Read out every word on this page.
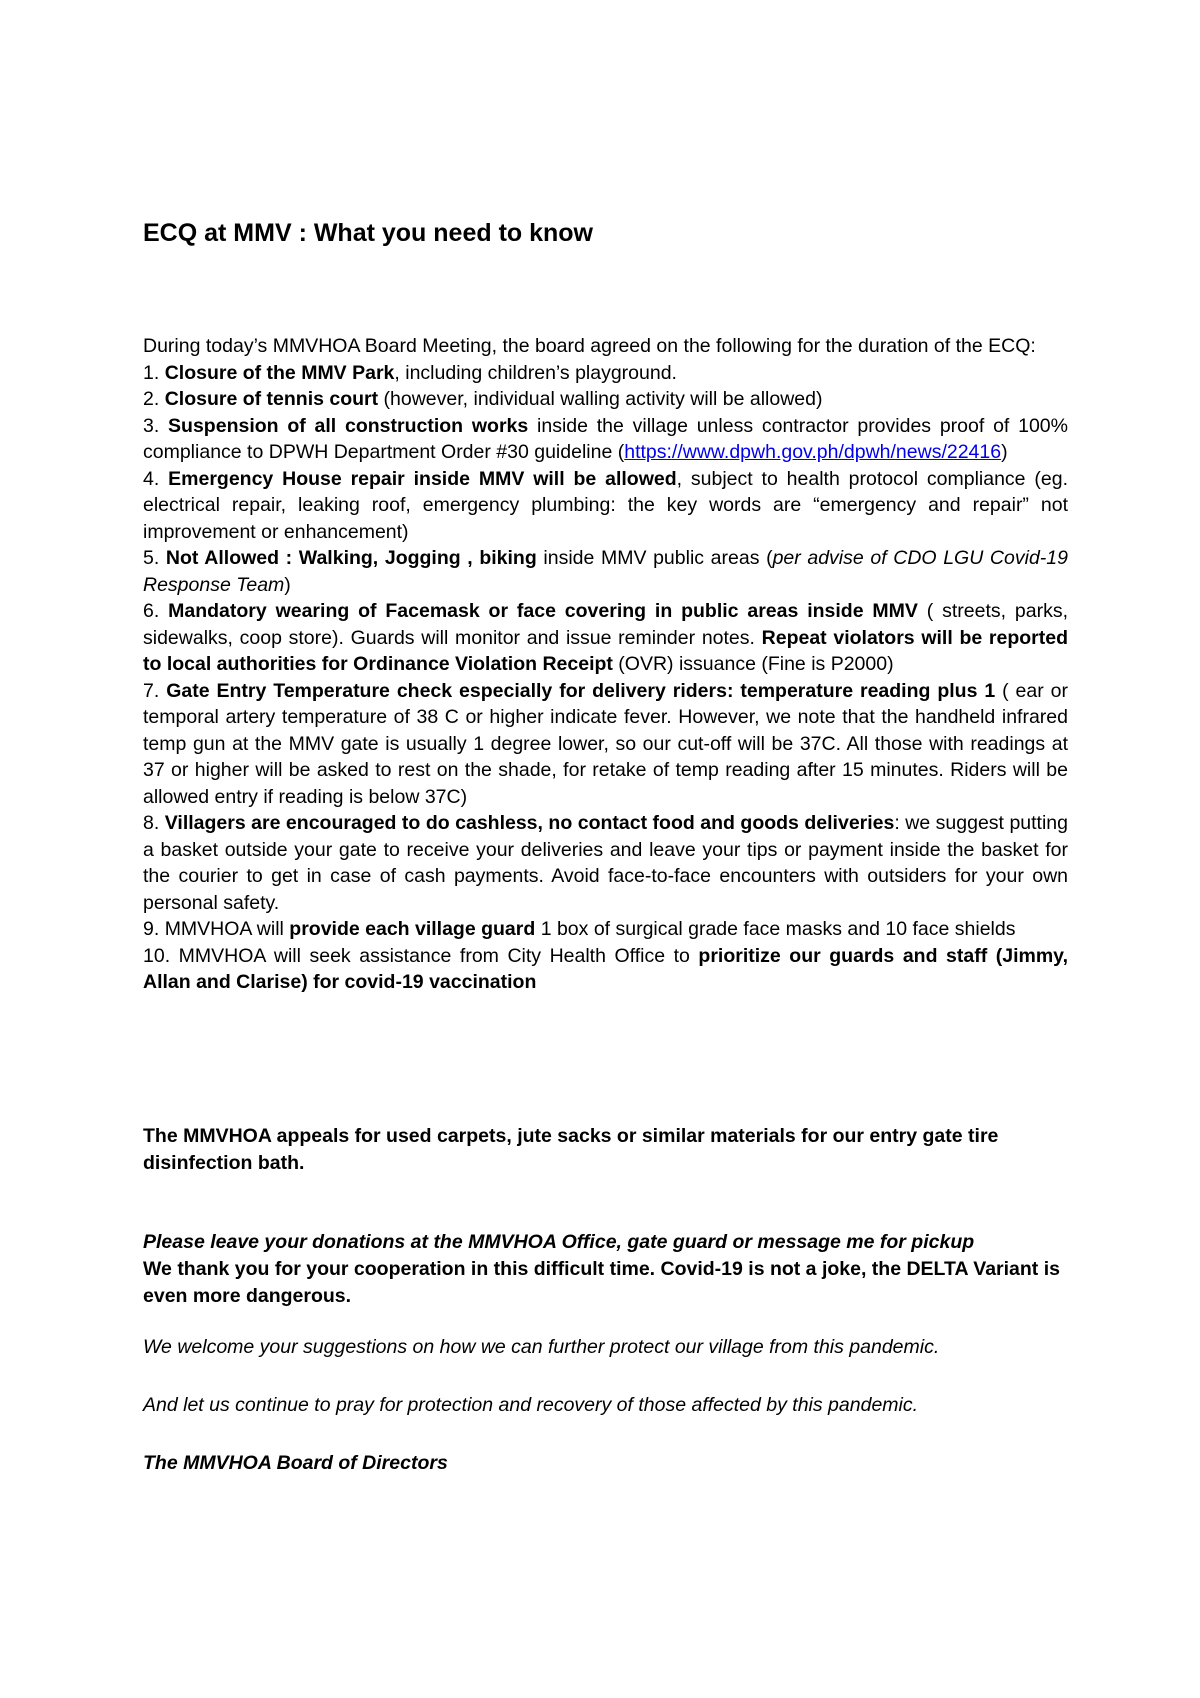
ECQ at MMV : What you need to know

During today’s MMVHOA Board Meeting, the board agreed on the following for the duration of the ECQ:

1. Closure of the MMV Park, including children’s playground.

2. Closure of tennis court (however, individual walling activity will be allowed)

3. Suspension of all construction works inside the village unless contractor provides proof of 100% compliance to DPWH Department Order #30 guideline (https://www.dpwh.gov.ph/dpwh/news/22416)

4. Emergency House repair inside MMV will be allowed, subject to health protocol compliance (eg. electrical repair, leaking roof, emergency plumbing: the key words are “emergency and repair” not improvement or enhancement)

5. Not Allowed : Walking, Jogging , biking inside MMV public areas (per advise of CDO LGU Covid-19 Response Team)

6. Mandatory wearing of Facemask or face covering in public areas inside MMV ( streets, parks, sidewalks, coop store). Guards will monitor and issue reminder notes. Repeat violators will be reported to local authorities for Ordinance Violation Receipt (OVR) issuance (Fine is P2000)

7. Gate Entry Temperature check especially for delivery riders: temperature reading plus 1 ( ear or temporal artery temperature of 38 C or higher indicate fever. However, we note that the handheld infrared temp gun at the MMV gate is usually 1 degree lower, so our cut-off will be 37C. All those with readings at 37 or higher will be asked to rest on the shade, for retake of temp reading after 15 minutes. Riders will be allowed entry if reading is below 37C)

8. Villagers are encouraged to do cashless, no contact food and goods deliveries: we suggest putting a basket outside your gate to receive your deliveries and leave your tips or payment inside the basket for the courier to get in case of cash payments. Avoid face-to-face encounters with outsiders for your own personal safety.

9. MMVHOA will provide each village guard 1 box of surgical grade face masks and 10 face shields

10. MMVHOA will seek assistance from City Health Office to prioritize our guards and staff (Jimmy, Allan and Clarise) for covid-19 vaccination

The MMVHOA appeals for used carpets, jute sacks or similar materials for our entry gate tire disinfection bath.

Please leave your donations at the MMVHOA Office, gate guard or message me for pickup

We thank you for your cooperation in this difficult time. Covid-19 is not a joke, the DELTA Variant is even more dangerous.

We welcome your suggestions on how we can further protect our village from this pandemic.

And let us continue to pray for protection and recovery of those affected by this pandemic.

The MMVHOA Board of Directors
